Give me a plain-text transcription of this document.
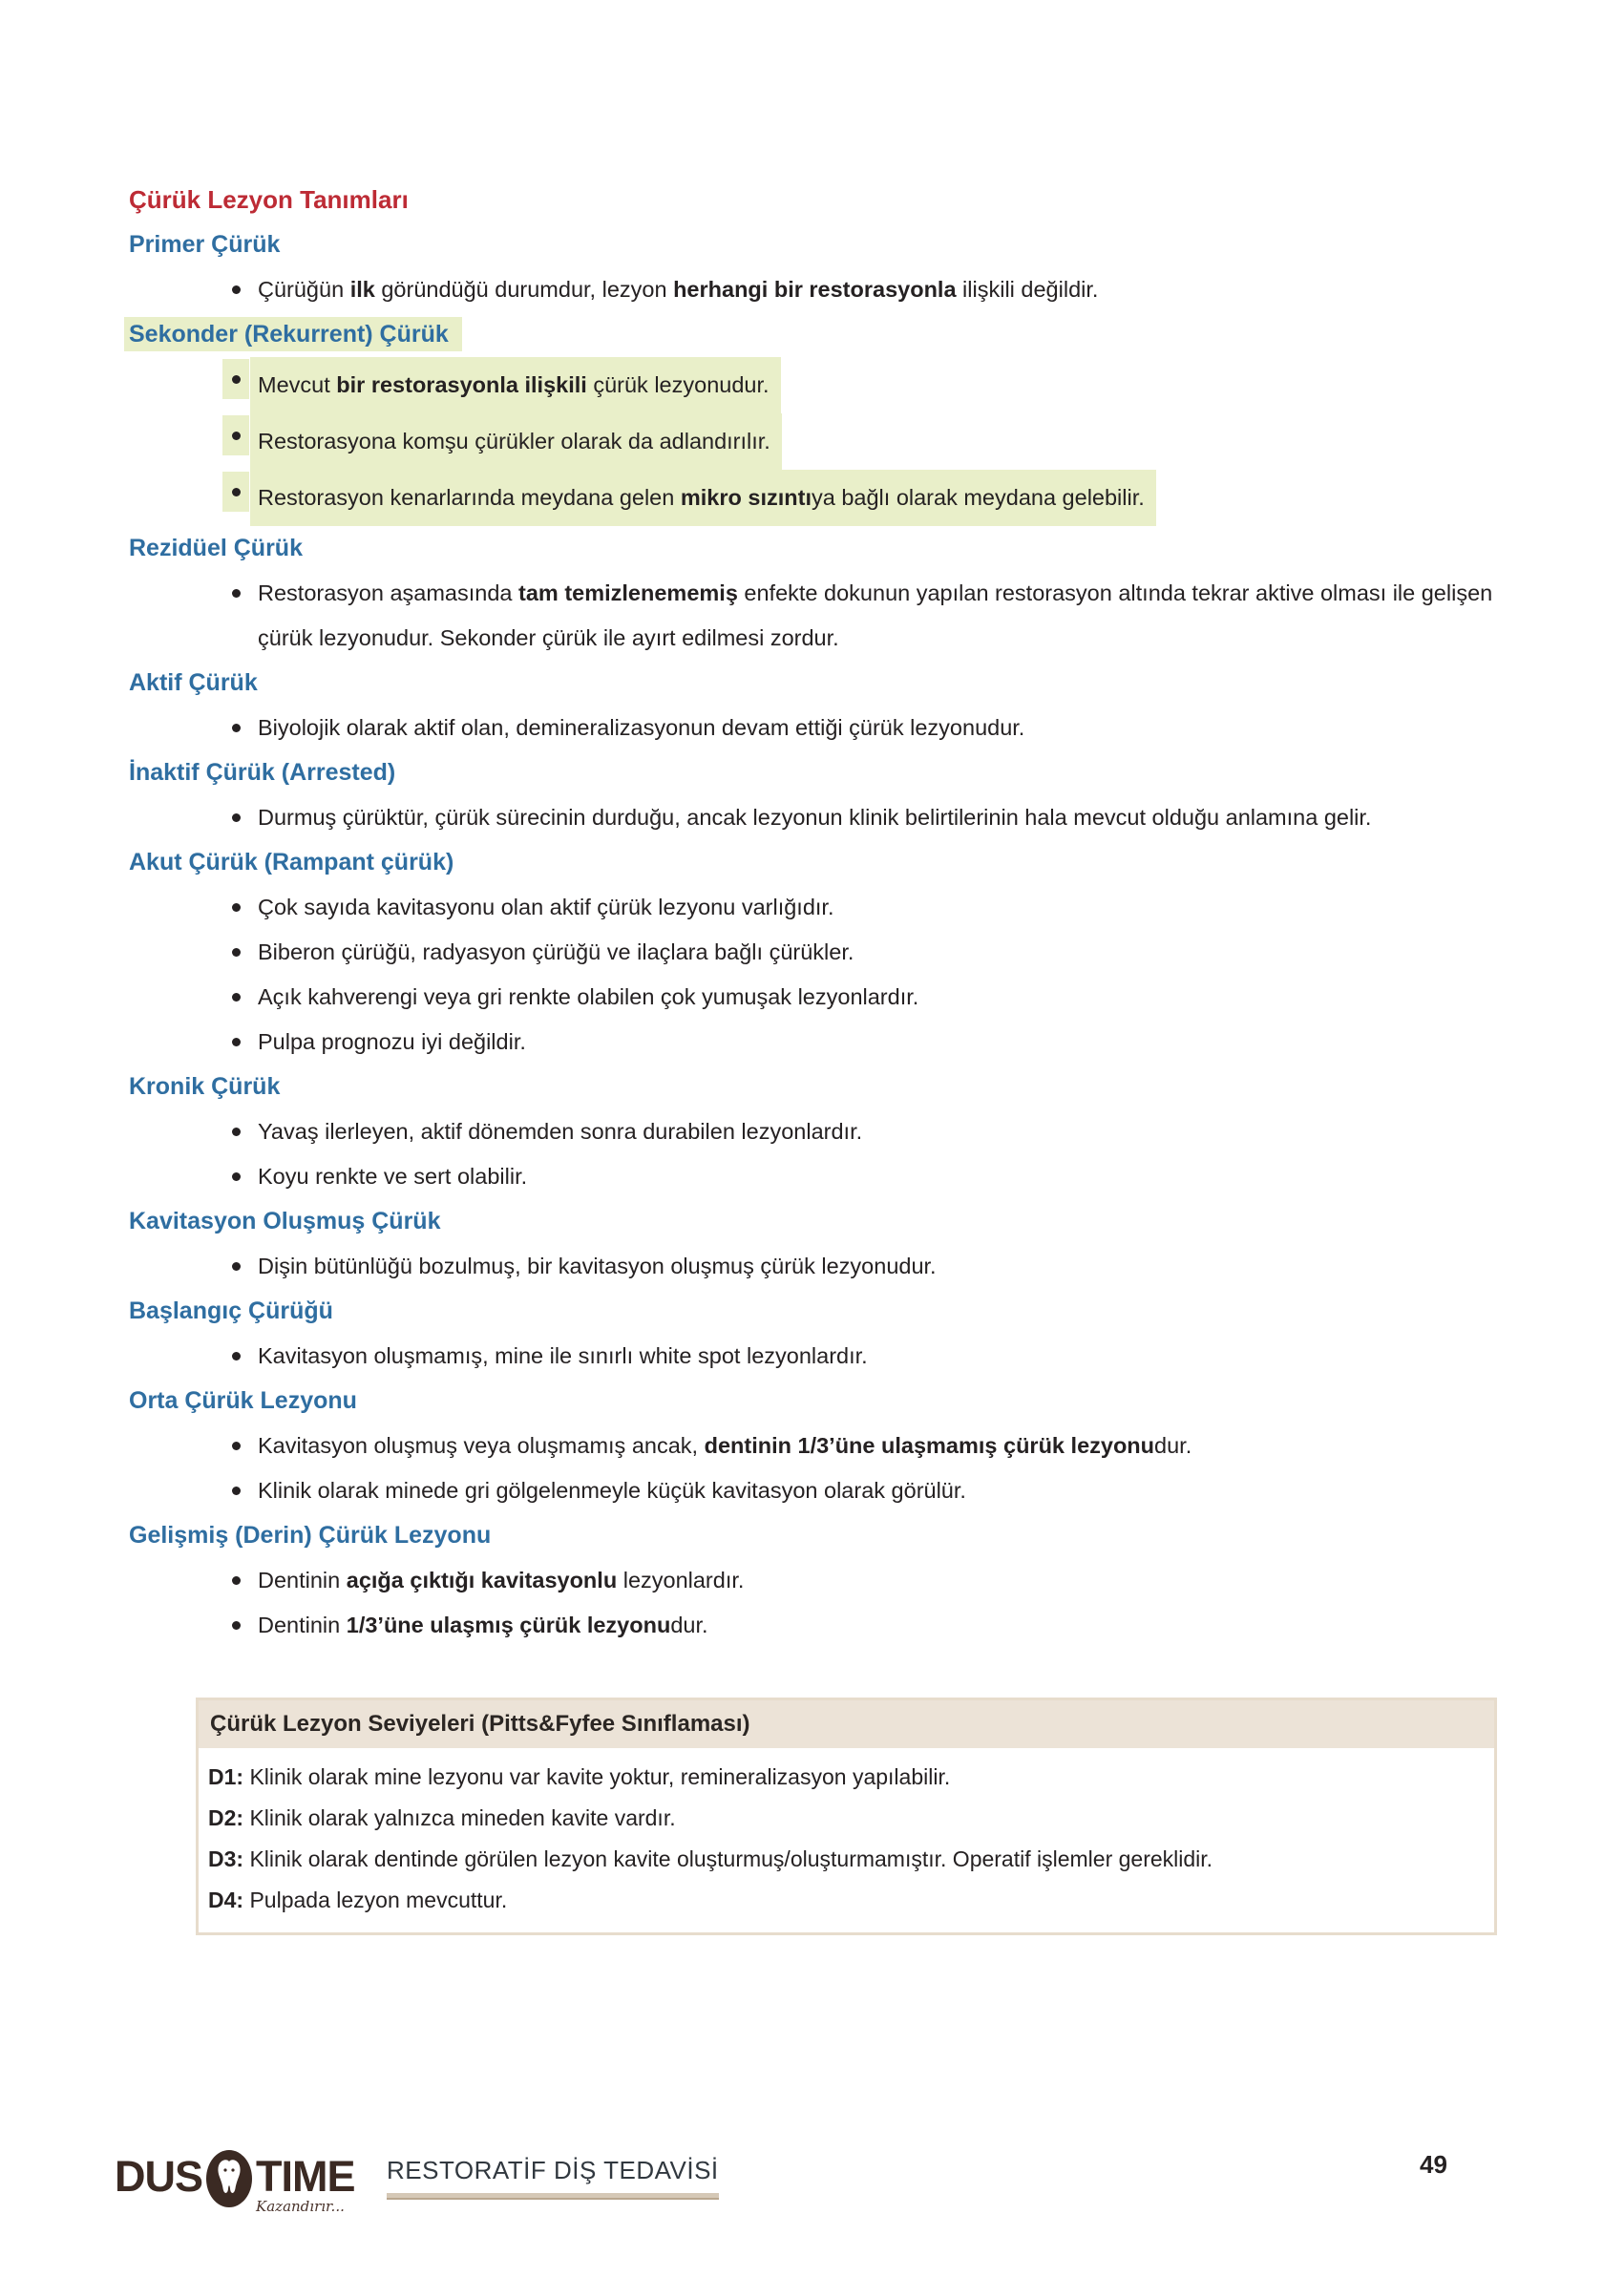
Çürük Lezyon Tanımları
Primer Çürük
Çürüğün ilk göründüğü durumdur, lezyon herhangi bir restorasyonla ilişkili değildir.
Sekonder (Rekurrent) Çürük
Mevcut bir restorasyonla ilişkili çürük lezyonudur.
Restorasyona komşu çürükler olarak da adlandırılır.
Restorasyon kenarlarında meydana gelen mikro sızıntıya bağlı olarak meydana gelebilir.
Rezidüel Çürük
Restorasyon aşamasında tam temizlenememiş enfekte dokunun yapılan restorasyon altında tekrar aktive olması ile gelişen çürük lezyonudur. Sekonder çürük ile ayırt edilmesi zordur.
Aktif Çürük
Biyolojik olarak aktif olan, demineralizasyonun devam ettiği çürük lezyonudur.
İnaktif Çürük (Arrested)
Durmuş çürüktür, çürük sürecinin durduğu, ancak lezyonun klinik belirtilerinin hala mevcut olduğu anlamına gelir.
Akut Çürük (Rampant çürük)
Çok sayıda kavitasyonu olan aktif çürük lezyonu varlığıdır.
Biberon çürüğü, radyasyon çürüğü ve ilaçlara bağlı çürükler.
Açık kahverengi veya gri renkte olabilen çok yumuşak lezyonlardır.
Pulpa prognozu iyi değildir.
Kronik Çürük
Yavaş ilerleyen, aktif dönemden sonra durabilen lezyonlardır.
Koyu renkte ve sert olabilir.
Kavitasyon Oluşmuş Çürük
Dişin bütünlüğü bozulmuş, bir kavitasyon oluşmuş çürük lezyonudur.
Başlangıç Çürüğü
Kavitasyon oluşmamış, mine ile sınırlı white spot lezyonlardır.
Orta Çürük Lezyonu
Kavitasyon oluşmuş veya oluşmamış ancak, dentinin 1/3’üne ulaşmamış çürük lezyonudur.
Klinik olarak minede gri gölgelenmeyle küçük kavitasyon olarak görülür.
Gelişmiş (Derin) Çürük Lezyonu
Dentinin açığa çıktığı kavitasyonlu lezyonlardır.
Dentinin 1/3’üne ulaşmış çürük lezyonudur.
Çürük Lezyon Seviyeleri (Pitts&Fyfee Sınıflaması)
D1: Klinik olarak mine lezyonu var kavite yoktur, remineralizasyon yapılabilir.
D2: Klinik olarak yalnızca mineden kavite vardır.
D3: Klinik olarak dentinde görülen lezyon kavite oluşturmuş/oluşturmamıştır. Operatif işlemler gereklidir.
D4: Pulpada lezyon mevcuttur.
DUS TIME
Kazandırır...
RESTORATİF DİŞ TEDAVİSİ	49
